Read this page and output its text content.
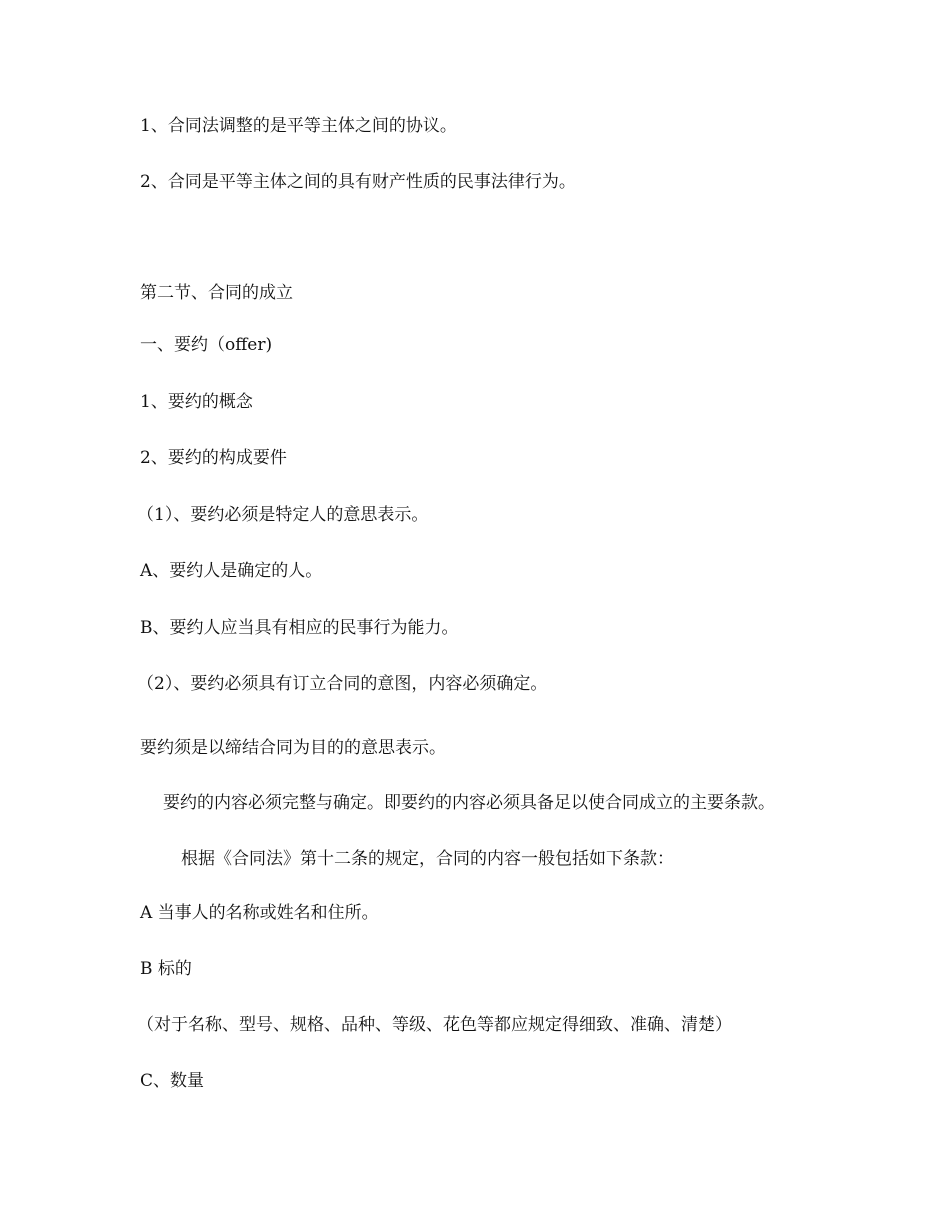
1、合同法调整的是平等主体之间的协议。
2、合同是平等主体之间的具有财产性质的民事法律行为。
第二节、合同的成立
一、要约（offer)
1、要约的概念
2、要约的构成要件
（1）、要约必须是特定人的意思表示。
A、要约人是确定的人。
B、要约人应当具有相应的民事行为能力。
（2）、要约必须具有订立合同的意图，内容必须确定。
要约须是以缔结合同为目的的意思表示。
要约的内容必须完整与确定。即要约的内容必须具备足以使合同成立的主要条款。
根据《合同法》第十二条的规定，合同的内容一般包括如下条款：
A 当事人的名称或姓名和住所。
B 标的
（对于名称、型号、规格、品种、等级、花色等都应规定得细致、准确、清楚）
C、数量
